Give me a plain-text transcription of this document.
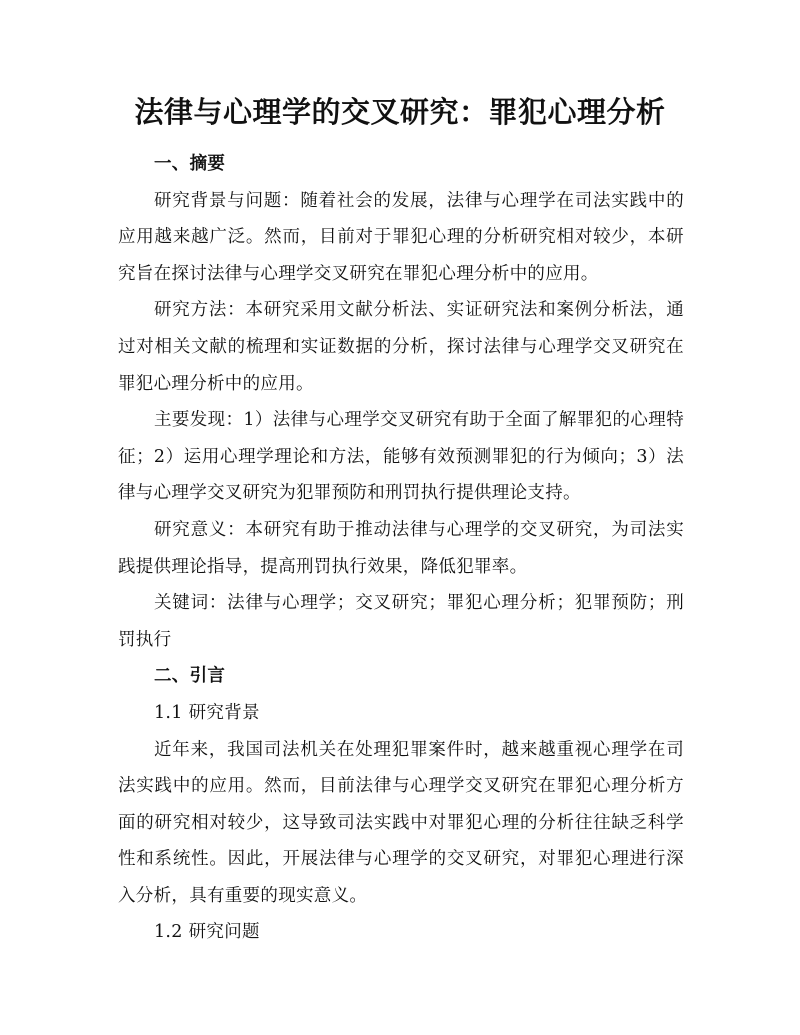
法律与心理学的交叉研究：罪犯心理分析

一、摘要

研究背景与问题：随着社会的发展，法律与心理学在司法实践中的应用越来越广泛。然而，目前对于罪犯心理的分析研究相对较少，本研究旨在探讨法律与心理学交叉研究在罪犯心理分析中的应用。

研究方法：本研究采用文献分析法、实证研究法和案例分析法，通过对相关文献的梳理和实证数据的分析，探讨法律与心理学交叉研究在罪犯心理分析中的应用。

主要发现：1）法律与心理学交叉研究有助于全面了解罪犯的心理特征；2）运用心理学理论和方法，能够有效预测罪犯的行为倾向；3）法律与心理学交叉研究为犯罪预防和刑罚执行提供理论支持。

研究意义：本研究有助于推动法律与心理学的交叉研究，为司法实践提供理论指导，提高刑罚执行效果，降低犯罪率。

关键词：法律与心理学；交叉研究；罪犯心理分析；犯罪预防；刑罚执行

二、引言

1.1 研究背景

近年来，我国司法机关在处理犯罪案件时，越来越重视心理学在司法实践中的应用。然而，目前法律与心理学交叉研究在罪犯心理分析方面的研究相对较少，这导致司法实践中对罪犯心理的分析往往缺乏科学性和系统性。因此，开展法律与心理学的交叉研究，对罪犯心理进行深入分析，具有重要的现实意义。

1.2 研究问题
